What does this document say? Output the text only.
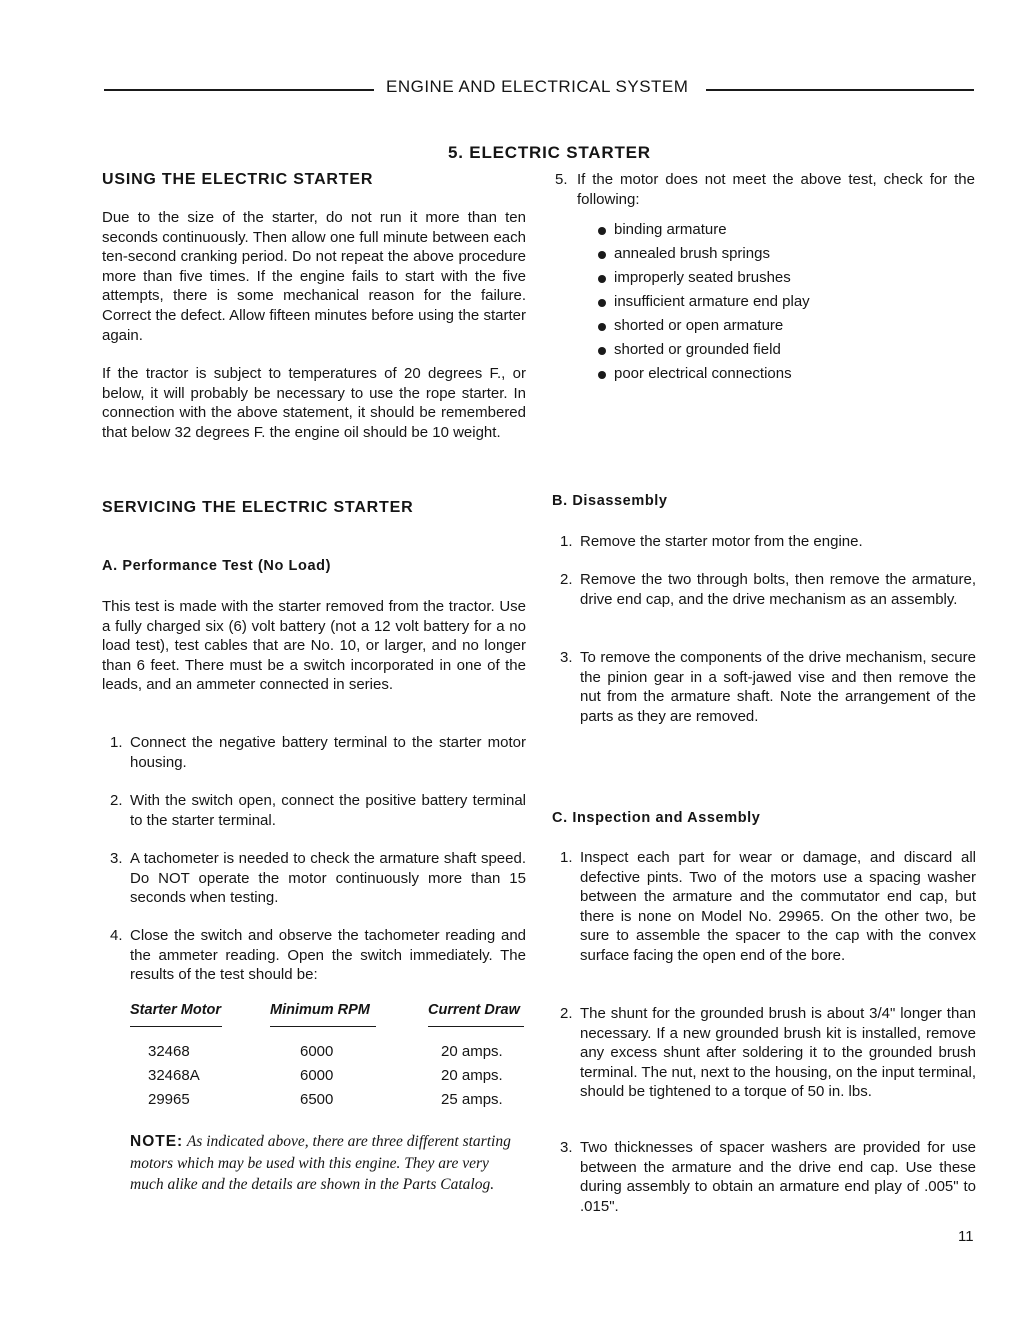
ENGINE AND ELECTRICAL SYSTEM
5. ELECTRIC STARTER
USING THE ELECTRIC STARTER
Due to the size of the starter, do not run it more than ten seconds continuously. Then allow one full minute between each ten-second cranking period. Do not repeat the above procedure more than five times. If the engine fails to start with the five attempts, there is some mechanical reason for the failure. Correct the defect. Allow fifteen minutes before using the starter again.
If the tractor is subject to temperatures of 20 degrees F., or below, it will probably be necessary to use the rope starter. In connection with the above statement, it should be remembered that below 32 degrees F. the engine oil should be 10 weight.
5. If the motor does not meet the above test, check for the following:
binding armature
annealed brush springs
improperly seated brushes
insufficient armature end play
shorted or open armature
shorted or grounded field
poor electrical connections
SERVICING THE ELECTRIC STARTER
A. Performance Test (No Load)
This test is made with the starter removed from the tractor. Use a fully charged six (6) volt battery (not a 12 volt battery for a no load test), test cables that are No. 10, or larger, and no longer than 6 feet. There must be a switch incorporated in one of the leads, and an ammeter connected in series.
1. Connect the negative battery terminal to the starter motor housing.
2. With the switch open, connect the positive battery terminal to the starter terminal.
3. A tachometer is needed to check the armature shaft speed. Do NOT operate the motor continuously more than 15 seconds when testing.
4. Close the switch and observe the tachometer reading and the ammeter reading. Open the switch immediately. The results of the test should be:
Starter Motor	Minimum RPM	Current Draw
32468	6000	20 amps.
32468A	6000	20 amps.
29965	6500	25 amps.
NOTE: As indicated above, there are three different starting motors which may be used with this engine. They are very much alike and the details are shown in the Parts Catalog.
B. Disassembly
1. Remove the starter motor from the engine.
2. Remove the two through bolts, then remove the armature, drive end cap, and the drive mechanism as an assembly.
3. To remove the components of the drive mechanism, secure the pinion gear in a soft-jawed vise and then remove the nut from the armature shaft. Note the arrangement of the parts as they are removed.
C. Inspection and Assembly
1. Inspect each part for wear or damage, and discard all defective pints. Two of the motors use a spacing washer between the armature and the commutator end cap, but there is none on Model No. 29965. On the other two, be sure to assemble the spacer to the cap with the convex surface facing the open end of the bore.
2. The shunt for the grounded brush is about 3/4" longer than necessary. If a new grounded brush kit is installed, remove any excess shunt after soldering it to the grounded brush terminal. The nut, next to the housing, on the input terminal, should be tightened to a torque of 50 in. lbs.
3. Two thicknesses of spacer washers are provided for use between the armature and the drive end cap. Use these during assembly to obtain an armature end play of .005" to .015".
11
